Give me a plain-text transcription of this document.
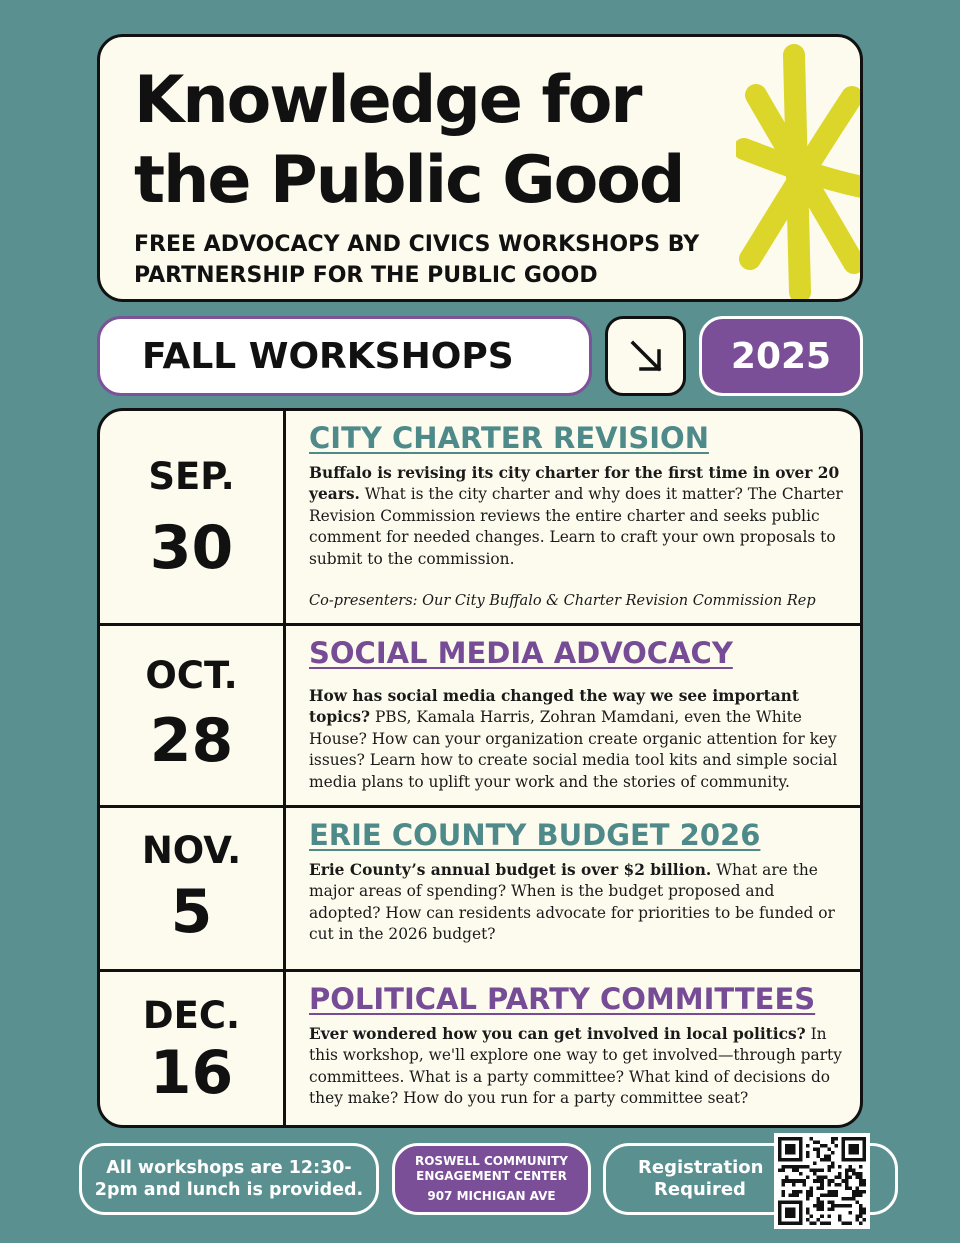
Knowledge for
the Public Good

FREE ADVOCACY AND CIVICS WORKSHOPS BY PARTNERSHIP FOR THE PUBLIC GOOD

FALL WORKSHOPS	2025
SEP.
30
CITY CHARTER REVISION

Buffalo is revising its city charter for the first time in over 20 years. What is the city charter and why does it matter? The Charter Revision Commission reviews the entire charter and seeks public comment for needed changes. Learn to craft your own proposals to submit to the commission.

Co-presenters: Our City Buffalo & Charter Revision Commission Rep
OCT.
28
SOCIAL MEDIA ADVOCACY

How has social media changed the way we see important topics? PBS, Kamala Harris, Zohran Mamdani, even the White House? How can your organization create organic attention for key issues? Learn how to create social media tool kits and simple social media plans to uplift your work and the stories of community.

NOV.
5
ERIE COUNTY BUDGET 2026

Erie County’s annual budget is over $2 billion. What are the major areas of spending? When is the budget proposed and adopted? How can residents advocate for priorities to be funded or cut in the 2026 budget?

DEC.
16
POLITICAL PARTY COMMITTEES

Ever wondered how you can get involved in local politics? In this workshop, we'll explore one way to get involved—through party committees. What is a party committee? What kind of decisions do they make? How do you run for a party committee seat?

All workshops are 12:30-2pm and lunch is provided.
ROSWELL COMMUNITY ENGAGEMENT CENTER
907 MICHIGAN AVE
Registration Required
